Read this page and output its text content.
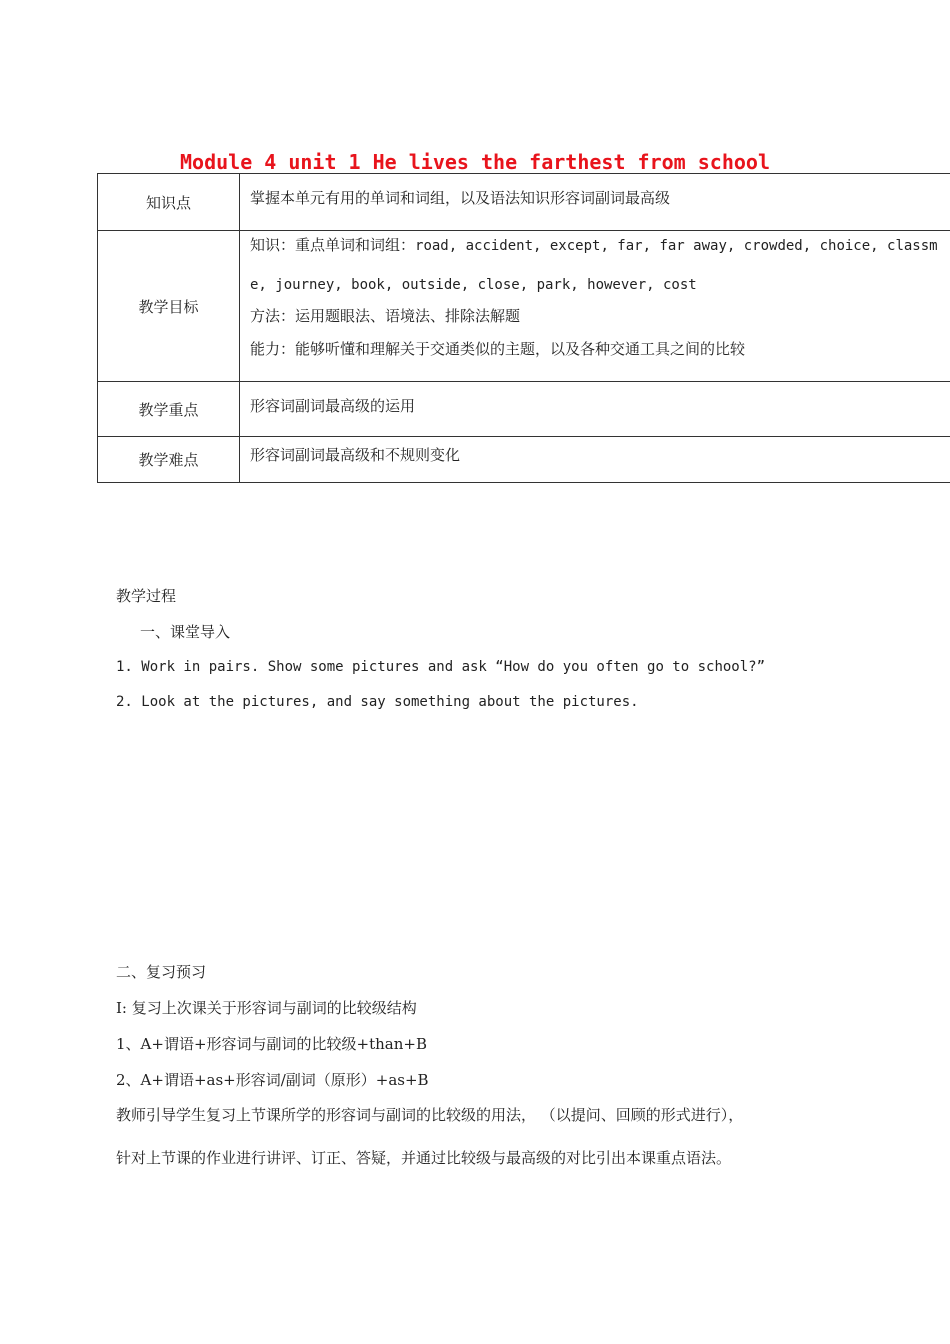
Module 4 unit 1 He lives the farthest from school
知识点	掌握本单元有用的单词和词组，以及语法知识形容词副词最高级
教学目标	知识：重点单词和词组：road, accident, except, far, far away, crowded, choice, classm
e, journey, book, outside, close, park, however, cost
方法：运用题眼法、语境法、排除法解题
能力：能够听懂和理解关于交通类似的主题，以及各种交通工具之间的比较

教学重点	形容词副词最高级的运用
教学难点	形容词副词最高级和不规则变化
教学过程
一、课堂导入
1. Work in pairs. Show some pictures and ask “How do you often go to school?”
2. Look at the pictures, and say something about the pictures.
二、复习预习
I: 复习上次课关于形容词与副词的比较级结构
1、A+谓语+形容词与副词的比较级+than+B
2、A+谓语+as+形容词/副词（原形）+as+B
教师引导学生复习上节课所学的形容词与副词的比较级的用法， （以提问、回顾的形式进行），
针对上节课的作业进行讲评、订正、答疑，并通过比较级与最高级的对比引出本课重点语法。
